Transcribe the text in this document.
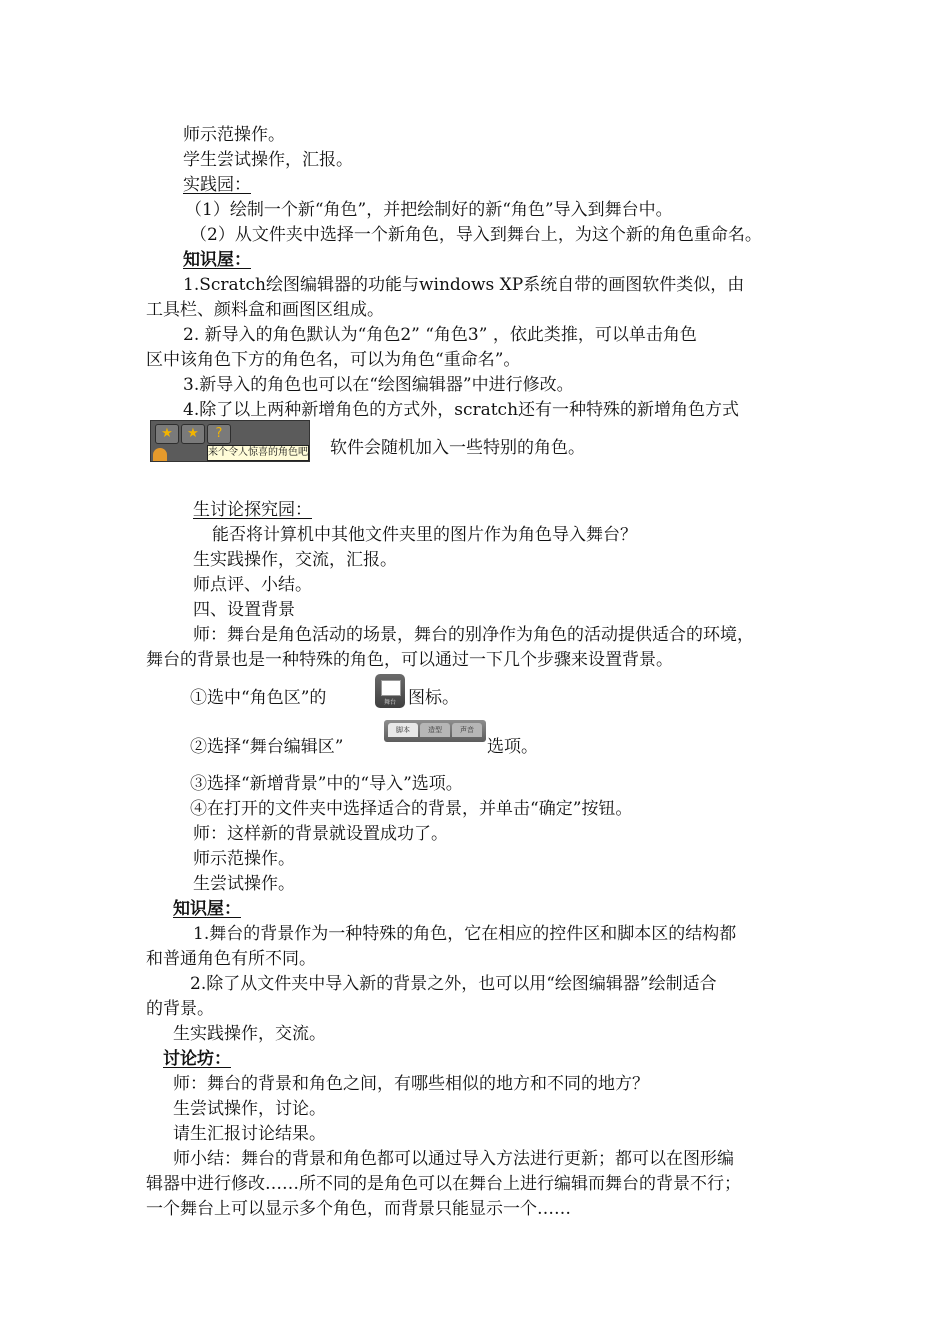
师示范操作。
学生尝试操作，汇报。
实践园：
（1）绘制一个新“角色”，并把绘制好的新“角色”导入到舞台中。
（2）从文件夹中选择一个新角色，导入到舞台上，为这个新的角色重命名。
知识屋：
1.Scratch绘图编辑器的功能与windows XP系统自带的画图软件类似，由
工具栏、颜料盒和画图区组成。
2. 新导入的角色默认为“角色2” “角色3” ，依此类推，可以单击角色
区中该角色下方的角色名，可以为角色“重命名”。
3.新导入的角色也可以在“绘图编辑器”中进行修改。
4.除了以上两种新增角色的方式外，scratch还有一种特殊的新增角色方式
★	★	?
来个令人惊喜的角色吧 软件会随机加入一些特别的角色。
生讨论探究园：
能否将计算机中其他文件夹里的图片作为角色导入舞台？
生实践操作，交流，汇报。
师点评、小结。
四、设置背景
师：舞台是角色活动的场景，舞台的别净作为角色的活动提供适合的环境，
舞台的背景也是一种特殊的角色，可以通过一下几个步骤来设置背景。
①选中“角色区”的	舞台 图标。
②选择“舞台编辑区”
脚本	造型	声音
选项。
③选择“新增背景”中的“导入”选项。
④在打开的文件夹中选择适合的背景，并单击“确定”按钮。
师：这样新的背景就设置成功了。
师示范操作。
生尝试操作。
知识屋：
1.舞台的背景作为一种特殊的角色，它在相应的控件区和脚本区的结构都
和普通角色有所不同。
2.除了从文件夹中导入新的背景之外，也可以用“绘图编辑器”绘制适合
的背景。
生实践操作，交流。
讨论坊：
师：舞台的背景和角色之间，有哪些相似的地方和不同的地方？
生尝试操作，讨论。
请生汇报讨论结果。
师小结：舞台的背景和角色都可以通过导入方法进行更新；都可以在图形编
辑器中进行修改……所不同的是角色可以在舞台上进行编辑而舞台的背景不行；
一个舞台上可以显示多个角色，而背景只能显示一个……
